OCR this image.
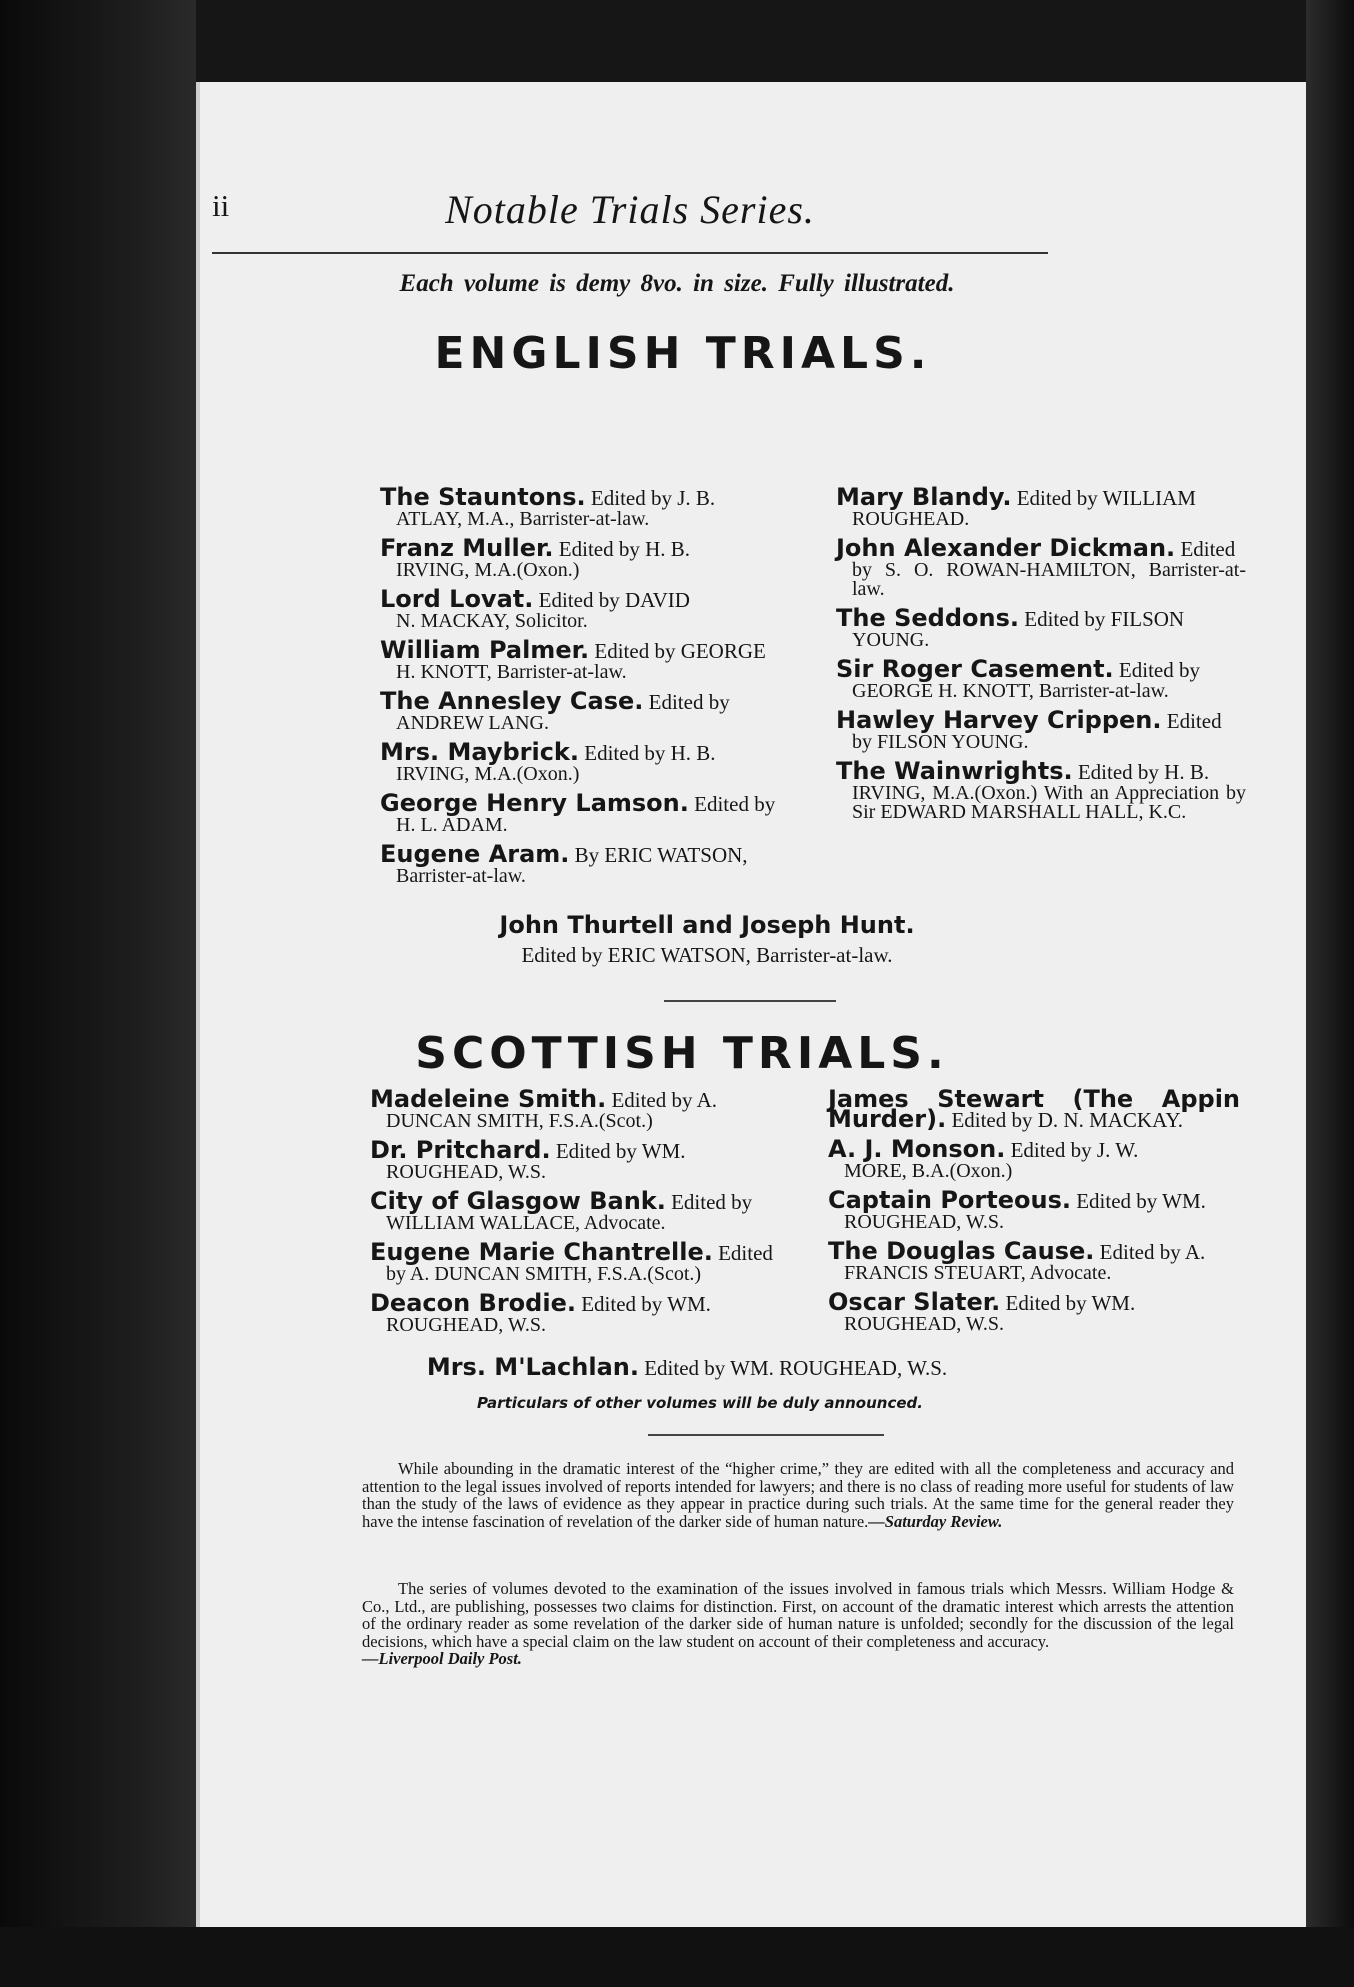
ii	Notable Trials Series.
Each volume is demy 8vo. in size. Fully illustrated.
ENGLISH TRIALS.
The Stauntons. Edited by J. B.
ATLAY, M.A., Barrister-at-law.
Franz Muller. Edited by H. B.
IRVING, M.A.(Oxon.)
Lord Lovat. Edited by DAVID
N. MACKAY, Solicitor.
William Palmer. Edited by GEORGE
H. KNOTT, Barrister-at-law.
The Annesley Case. Edited by
ANDREW LANG.
Mrs. Maybrick. Edited by H. B.
IRVING, M.A.(Oxon.)
George Henry Lamson. Edited by
H. L. ADAM.
Eugene Aram. By ERIC WATSON,
Barrister-at-law.
Mary Blandy. Edited by WILLIAM
ROUGHEAD.
John Alexander Dickman. Edited
by S. O. ROWAN-HAMILTON, Barrister-at-law.
The Seddons. Edited by FILSON
YOUNG.
Sir Roger Casement. Edited by
GEORGE H. KNOTT, Barrister-at-law.
Hawley Harvey Crippen. Edited
by FILSON YOUNG.
The Wainwrights. Edited by H. B.
IRVING, M.A.(Oxon.) With an Appreciation by Sir EDWARD MARSHALL HALL, K.C.
John Thurtell and Joseph Hunt.
Edited by ERIC WATSON, Barrister-at-law.
SCOTTISH TRIALS.
Madeleine Smith. Edited by A.
DUNCAN SMITH, F.S.A.(Scot.)
Dr. Pritchard. Edited by WM.
ROUGHEAD, W.S.
City of Glasgow Bank. Edited by
WILLIAM WALLACE, Advocate.
Eugene Marie Chantrelle. Edited
by A. DUNCAN SMITH, F.S.A.(Scot.)
Deacon Brodie. Edited by WM.
ROUGHEAD, W.S.
James Stewart (The Appin Murder). Edited by D. N. MACKAY.
A. J. Monson. Edited by J. W.
MORE, B.A.(Oxon.)
Captain Porteous. Edited by WM.
ROUGHEAD, W.S.
The Douglas Cause. Edited by A.
FRANCIS STEUART, Advocate.
Oscar Slater. Edited by WM.
ROUGHEAD, W.S.
Mrs. M'Lachlan. Edited by WM. ROUGHEAD, W.S.
Particulars of other volumes will be duly announced.

While abounding in the dramatic interest of the “higher crime,” they are edited with all the completeness and accuracy and attention to the legal issues involved of reports intended for lawyers; and there is no class of reading more useful for students of law than the study of the laws of evidence as they appear in practice during such trials. At the same time for the general reader they have the intense fascination of revelation of the darker side of human nature.—Saturday Review.

The series of volumes devoted to the examination of the issues involved in famous trials which Messrs. William Hodge & Co., Ltd., are publishing, possesses two claims for distinction. First, on account of the dramatic interest which arrests the attention of the ordinary reader as some revelation of the darker side of human nature is unfolded; secondly for the discussion of the legal decisions, which have a special claim on the law student on account of their completeness and accuracy.

—Liverpool Daily Post.
